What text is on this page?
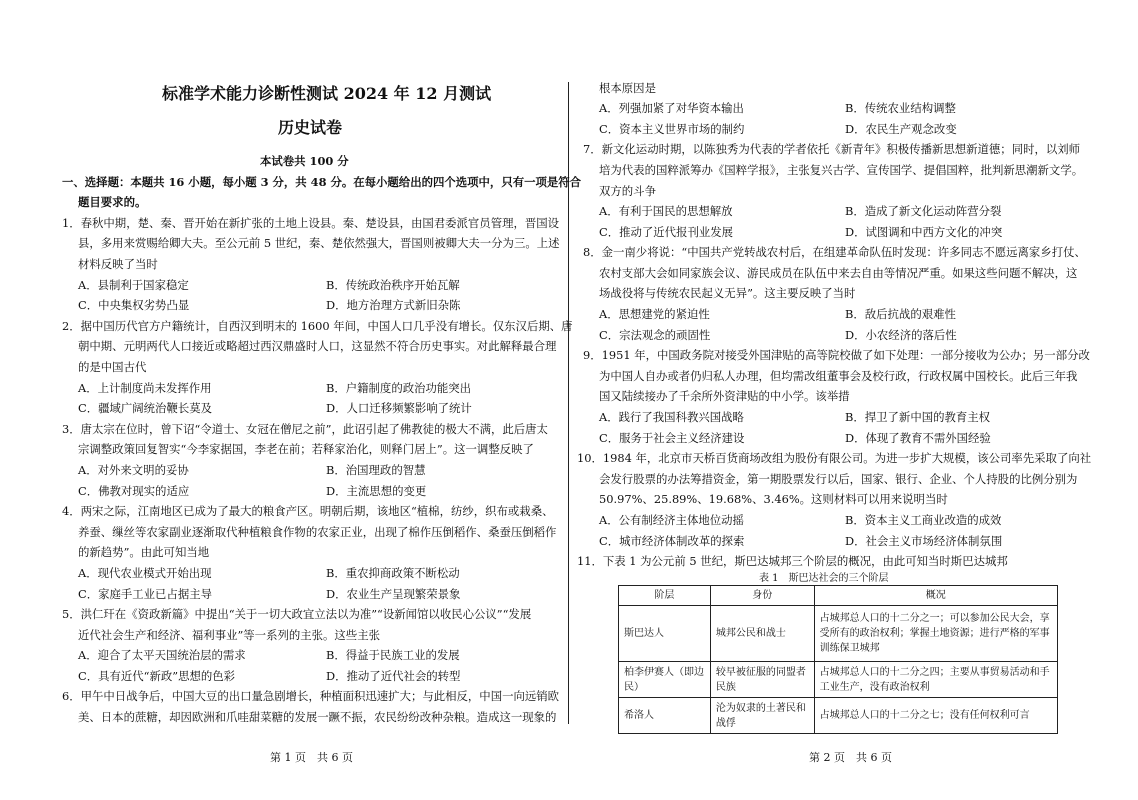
标准学术能力诊断性测试 2024 年 12 月测试
历史试卷
本试卷共 100 分
一、选择题：本题共 16 小题，每小题 3 分，共 48 分。在每小题给出的四个选项中，只有一项是符合
题目要求的。
1．春秋中期，楚、秦、晋开始在新扩张的土地上设县。秦、楚设县，由国君委派官员管理，晋国设
县，多用来赏赐给卿大夫。至公元前 5 世纪，秦、楚依然强大，晋国则被卿大夫一分为三。上述
材料反映了当时
A．县制利于国家稳定	B．传统政治秩序开始瓦解
C．中央集权劣势凸显	D．地方治理方式新旧杂陈
2．据中国历代官方户籍统计，自西汉到明末的 1600 年间，中国人口几乎没有增长。仅东汉后期、唐
朝中期、元明两代人口接近或略超过西汉鼎盛时人口，这显然不符合历史事实。对此解释最合理
的是中国古代
A．上计制度尚未发挥作用	B．户籍制度的政治功能突出
C．疆域广阔统治鞭长莫及	D．人口迁移频繁影响了统计
3．唐太宗在位时，曾下诏“令道士、女冠在僧尼之前”，此诏引起了佛教徒的极大不满，此后唐太
宗调整政策回复智实“今李家据国，李老在前；若释家治化，则释门居上”。这一调整反映了
A．对外来文明的妥协	B．治国理政的智慧
C．佛教对现实的适应	D．主流思想的变更
4．两宋之际，江南地区已成为了最大的粮食产区。明朝后期，该地区“植棉，纺纱，织布或栽桑、
养蚕、缫丝等农家副业逐渐取代种植粮食作物的农家正业，出现了棉作压倒稻作、桑蚕压倒稻作
的新趋势”。由此可知当地
A．现代农业模式开始出现	B．重农抑商政策不断松动
C．家庭手工业已占据主导	D．农业生产呈现繁荣景象
5．洪仁玕在《资政新篇》中提出“关于一切大政宜立法以为准”“设新闻馆以收民心公议”“发展
近代社会生产和经济、福利事业”等一系列的主张。这些主张
A．迎合了太平天国统治层的需求	B．得益于民族工业的发展
C．具有近代“新政”思想的色彩	D．推动了近代社会的转型
6．甲午中日战争后，中国大豆的出口量急剧增长，种植面积迅速扩大；与此相反，中国一向远销欧
美、日本的蔗糖，却因欧洲和爪哇甜菜糖的发展一蹶不振，农民纷纷改种杂粮。造成这一现象的
第 1 页　共 6 页
根本原因是
A．列强加紧了对华资本输出	B．传统农业结构调整
C．资本主义世界市场的制约	D．农民生产观念改变
7．新文化运动时期，以陈独秀为代表的学者依托《新青年》积极传播新思想新道德；同时，以刘师
培为代表的国粹派筹办《国粹学报》，主张复兴古学、宣传国学、提倡国粹，批判新思潮新文学。
双方的斗争
A．有利于国民的思想解放	B．造成了新文化运动阵营分裂
C．推动了近代报刊业发展	D．试图调和中西方文化的冲突
8．金一南少将说：“中国共产党转战农村后，在组建革命队伍时发现：许多同志不愿远离家乡打仗、
农村支部大会如同家族会议、游民成员在队伍中来去自由等情况严重。如果这些问题不解决，这
场战役将与传统农民起义无异”。这主要反映了当时
A．思想建党的紧迫性	B．敌后抗战的艰难性
C．宗法观念的顽固性	D．小农经济的落后性
9．1951 年，中国政务院对接受外国津贴的高等院校做了如下处理：一部分接收为公办；另一部分改
为中国人自办或者仍归私人办理，但均需改组董事会及校行政，行政权属中国校长。此后三年我
国又陆续接办了千余所外资津贴的中小学。该举措
A．践行了我国科教兴国战略	B．捍卫了新中国的教育主权
C．服务于社会主义经济建设	D．体现了教育不需外国经验
10．1984 年，北京市天桥百货商场改组为股份有限公司。为进一步扩大规模，该公司率先采取了向社
会发行股票的办法筹措资金，第一期股票发行以后，国家、银行、企业、个人持股的比例分别为
50.97%、25.89%、19.68%、3.46%。这则材料可以用来说明当时
A．公有制经济主体地位动摇	B．资本主义工商业改造的成效
C．城市经济体制改革的探索	D．社会主义市场经济体制氛围
11．下表 1 为公元前 5 世纪，斯巴达城邦三个阶层的概况，由此可知当时斯巴达城邦
表 1　斯巴达社会的三个阶层
阶层	身份	概况
斯巴达人	城邦公民和战士	占城邦总人口的十二分之一；可以参加公民大会，享受所有的政治权利；掌握土地资源；进行严格的军事训练保卫城邦
柏李伊赛人（即边民）	较早被征服的同盟者民族	占城邦总人口的十二分之四；主要从事贸易活动和手工业生产，没有政治权利
希洛人	沦为奴隶的土著民和战俘	占城邦总人口的十二分之七；没有任何权利可言
第 2 页　共 6 页
